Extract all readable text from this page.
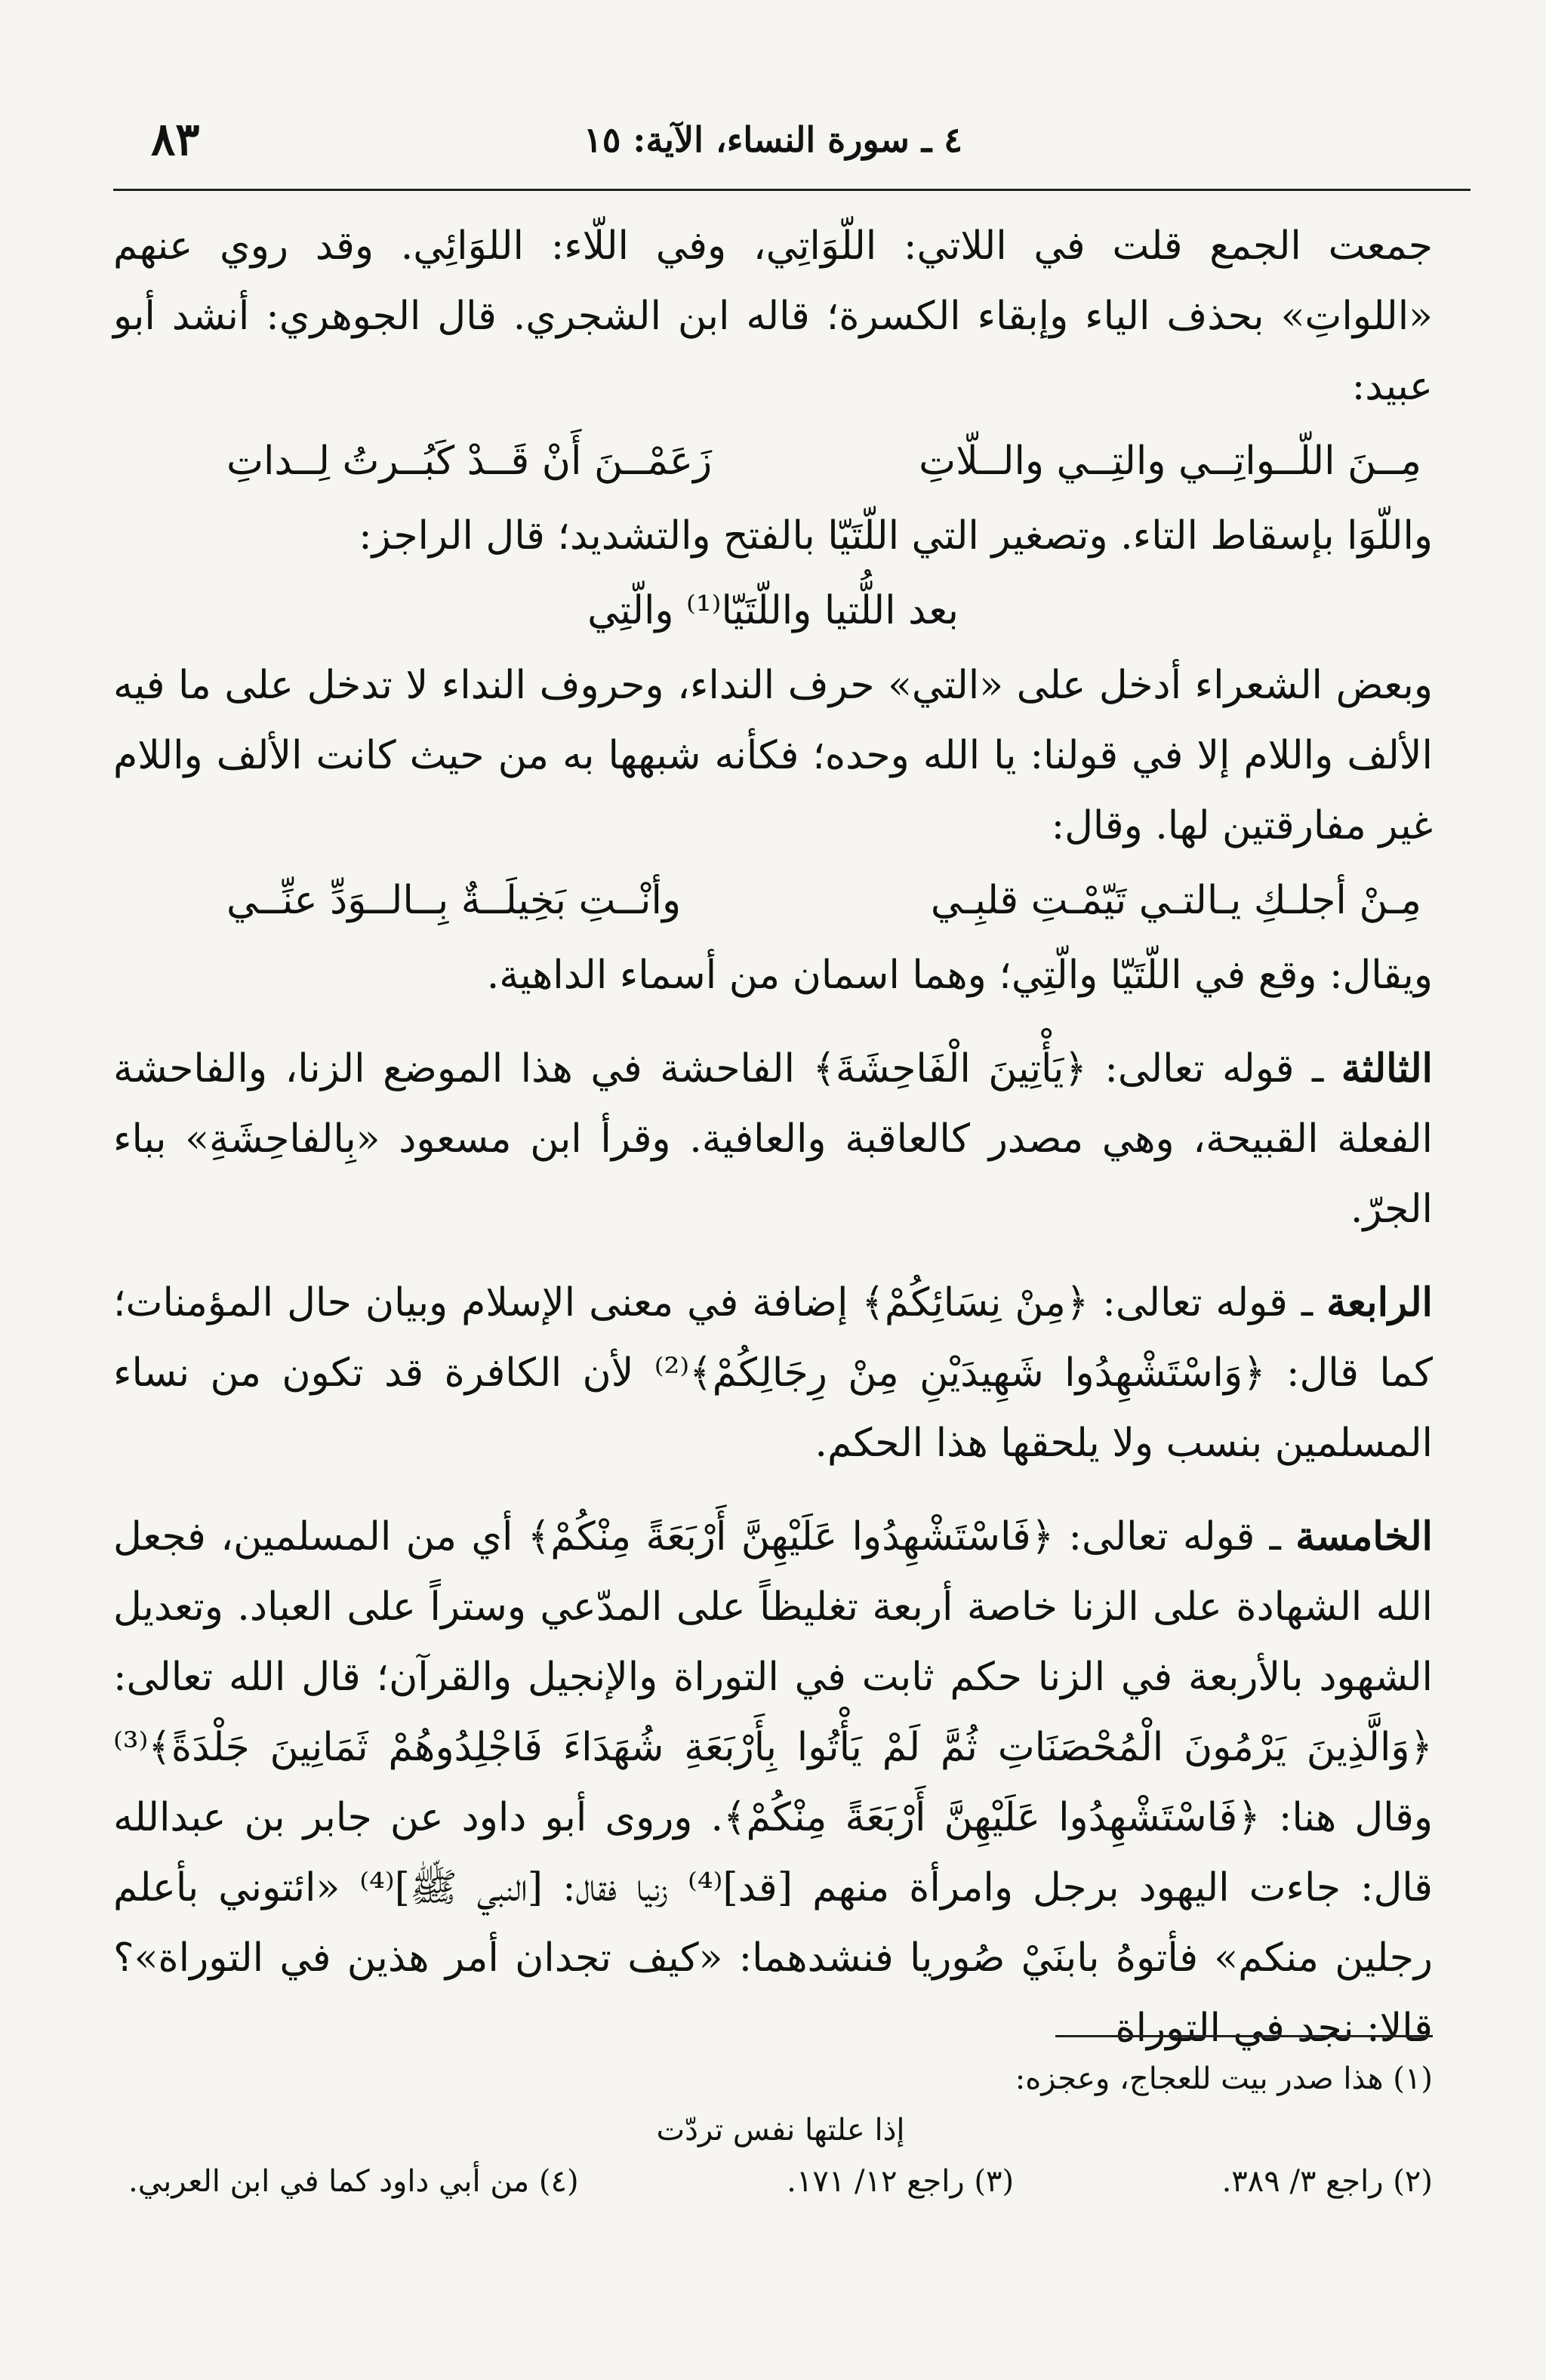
٨٣	٤ ـ سورة النساء، الآية: ١٥

جمعت الجمع قلت في اللاتي: اللّوَاتِي، وفي اللّاء: اللوَائِي. وقد روي عنهم «اللواتِ» بحذف الياء وإبقاء الكسرة؛ قاله ابن الشجري. قال الجوهري: أنشد أبو عبيد:

مِــنَ اللّــواتِــي والتِــي والــلّاتِ
زَعَمْــنَ أَنْ قَــدْ كَبُــرتُ لِــداتِ

واللّوَا بإسقاط التاء. وتصغير التي اللّتَيّا بالفتح والتشديد؛ قال الراجز:

بعد اللُّتيا واللّتَيّا⁽¹⁾ والّتِي

وبعض الشعراء أدخل على «التي» حرف النداء، وحروف النداء لا تدخل على ما فيه الألف واللام إلا في قولنا: يا الله وحده؛ فكأنه شبهها به من حيث كانت الألف واللام غير مفارقتين لها. وقال:

مِـنْ أجلـكِ يـالتـي تَيّمْـتِ قلبِـي
وأنْــتِ بَخِيلَــةٌ بِــالــوَدِّ عنِّــي

ويقال: وقع في اللّتَيّا والّتِي؛ وهما اسمان من أسماء الداهية.

الثالثة ـ قوله تعالى: ﴿يَأْتِينَ الْفَاحِشَةَ﴾ الفاحشة في هذا الموضع الزنا، والفاحشة الفعلة القبيحة، وهي مصدر كالعاقبة والعافية. وقرأ ابن مسعود «بِالفاحِشَةِ» بباء الجرّ.

الرابعة ـ قوله تعالى: ﴿مِنْ نِسَائِكُمْ﴾ إضافة في معنى الإسلام وبيان حال المؤمنات؛ كما قال: ﴿وَاسْتَشْهِدُوا شَهِيدَيْنِ مِنْ رِجَالِكُمْ﴾⁽²⁾ لأن الكافرة قد تكون من نساء المسلمين بنسب ولا يلحقها هذا الحكم.

الخامسة ـ قوله تعالى: ﴿فَاسْتَشْهِدُوا عَلَيْهِنَّ أَرْبَعَةً مِنْكُمْ﴾ أي من المسلمين، فجعل الله الشهادة على الزنا خاصة أربعة تغليظاً على المدّعي وستراً على العباد. وتعديل الشهود بالأربعة في الزنا حكم ثابت في التوراة والإنجيل والقرآن؛ قال الله تعالى: ﴿وَالَّذِينَ يَرْمُونَ الْمُحْصَنَاتِ ثُمَّ لَمْ يَأْتُوا بِأَرْبَعَةِ شُهَدَاءَ فَاجْلِدُوهُمْ ثَمَانِينَ جَلْدَةً﴾⁽³⁾ وقال هنا: ﴿فَاسْتَشْهِدُوا عَلَيْهِنَّ أَرْبَعَةً مِنْكُمْ﴾. وروى أبو داود عن جابر بن عبدالله قال: جاءت اليهود برجل وامرأة منهم [قد]⁽⁴⁾ زنيا فقال: [النبي ﷺ]⁽⁴⁾ «ائتوني بأعلم رجلين منكم» فأتوهُ بابنَيْ صُوريا فنشدهما: «كيف تجدان أمر هذين في التوراة»؟ قالا: نجد في التوراة

(١) هذا صدر بيت للعجاج، وعجزه:

إذا علتها نفس تردّت

(٢) راجع ٣/ ٣٨٩.
(٣) راجع ١٢/ ١٧١.
(٤) من أبي داود كما في ابن العربي.
